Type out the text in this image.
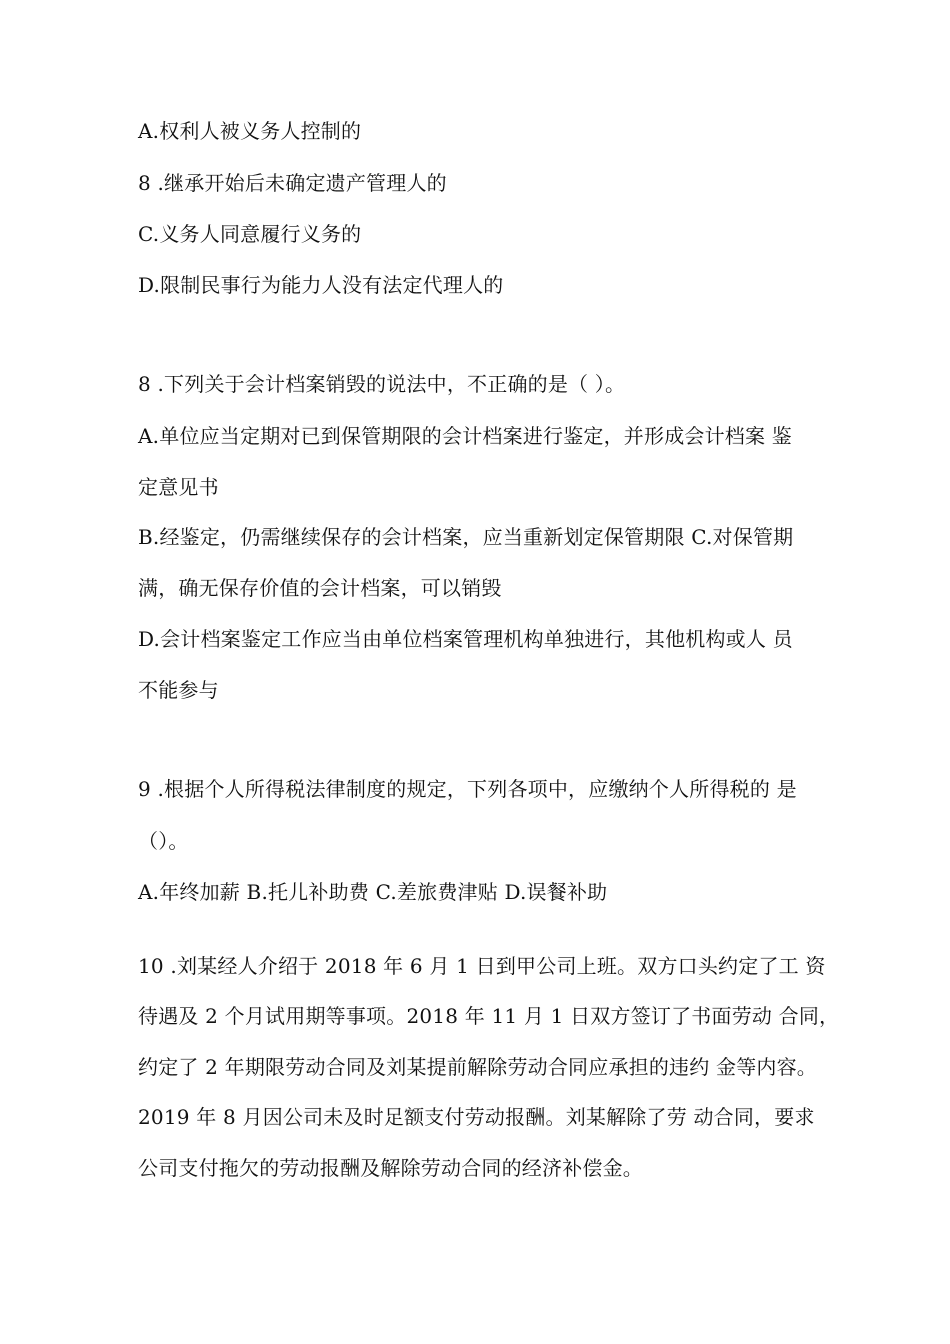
A.权利人被义务人控制的
8 .继承开始后未确定遗产管理人的
C.义务人同意履行义务的
D.限制民事行为能力人没有法定代理人的
8 .下列关于会计档案销毁的说法中，不正确的是（ ）。
A.单位应当定期对已到保管期限的会计档案进行鉴定，并形成会计档案 鉴
定意见书
B.经鉴定，仍需继续保存的会计档案，应当重新划定保管期限 C.对保管期
满，确无保存价值的会计档案，可以销毁
D.会计档案鉴定工作应当由单位档案管理机构单独进行，其他机构或人 员
不能参与
9 .根据个人所得税法律制度的规定，下列各项中，应缴纳个人所得税的 是
（）。
A.年终加薪 B.托儿补助费 C.差旅费津贴 D.误餐补助
10 .刘某经人介绍于 2018 年 6 月 1 日到甲公司上班。双方口头约定了工 资
待遇及 2 个月试用期等事项。2018 年 11 月 1 日双方签订了书面劳动 合同，
约定了 2 年期限劳动合同及刘某提前解除劳动合同应承担的违约 金等内容。
2019 年 8 月因公司未及时足额支付劳动报酬。刘某解除了劳 动合同，要求
公司支付拖欠的劳动报酬及解除劳动合同的经济补偿金。
